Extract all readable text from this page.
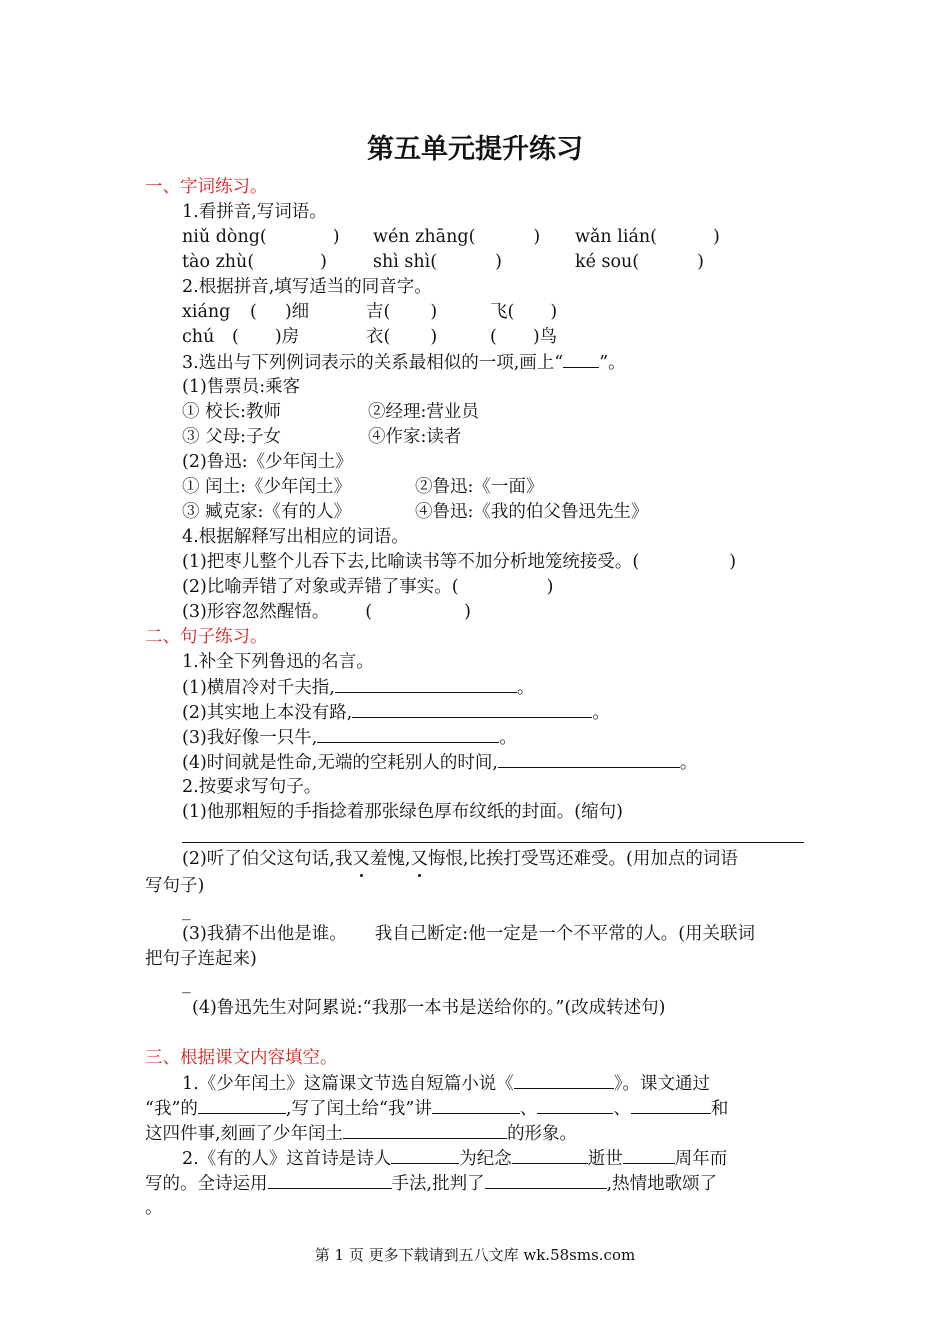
第五单元提升练习
一、字词练习。
1.看拼音,写词语。
niǔ dòng(	) wén zhāng(	) wǎn lián(	)
tào zhù(	)	shì shì(	)	ké sou(	)
2.根据拼音,填写适当的同音字。
xiáng ( )细	吉( )	飞( )
chú ( )房	衣( )	( )鸟
3.选出与下列例词表示的关系最相似的一项,画上“ ”。
(1)售票员:乘客
① 校长:教师	②经理:营业员
③ 父母:子女	④作家:读者
(2)鲁迅:《少年闰土》
① 闰土:《少年闰土》	②鲁迅:《一面》
③ 臧克家:《有的人》	④鲁迅:《我的伯父鲁迅先生》
4.根据解释写出相应的词语。
(1)把枣儿整个儿吞下去,比喻读书等不加分析地笼统接受。(	)
(2)比喻弄错了对象或弄错了事实。(	)
(3)形容忽然醒悟。 (	)
二、句子练习。
1.补全下列鲁迅的名言。
(1)横眉冷对千夫指,	。
(2)其实地上本没有路,	。
(3)我好像一只牛,	。
(4)时间就是性命,无端的空耗别人的时间,	。
2.按要求写句子。
(1)他那粗短的手指捻着那张绿色厚布纹纸的封面。(缩句)
(2)听了伯父这句话,我又羞愧,又悔恨,比挨打受骂还难受。(用加点的词语
写句子)
_
(3)我猜不出他是谁。 我自己断定:他一定是一个不平常的人。(用关联词
把句子连起来)
_
(4)鲁迅先生对阿累说:“我那一本书是送给你的。”(改成转述句)
三、根据课文内容填空。
1.《少年闰土》这篇课文节选自短篇小说《	》。课文通过
“我”的	,写了闰土给“我”讲	、	、	和
这四件事,刻画了少年闰土	的形象。
2.《有的人》这首诗是诗人	为纪念	逝世	周年而
写的。全诗运用	手法,批判了	,热情地歌颂了
。
第 1 页 更多下载请到五八文库 wk.58sms.com
